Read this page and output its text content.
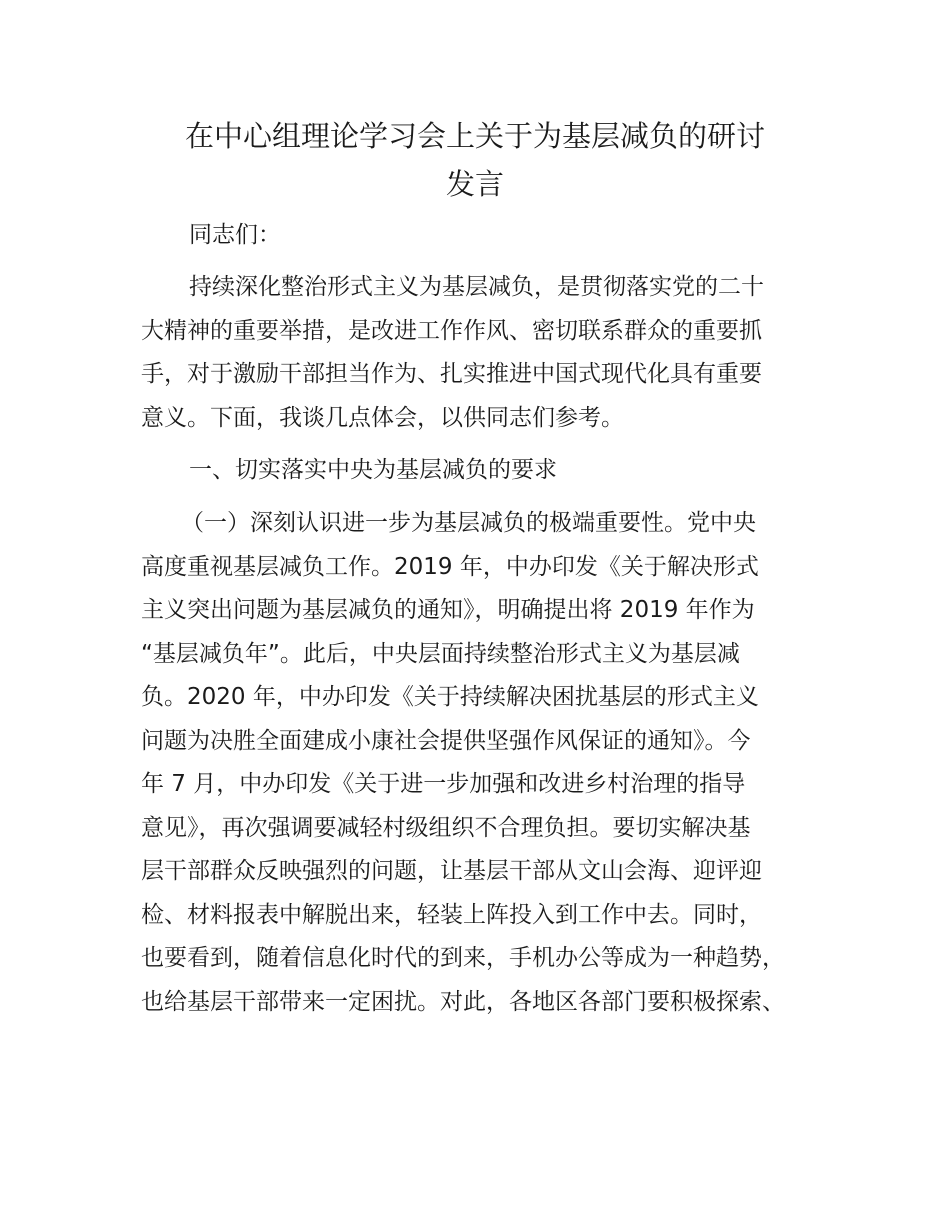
在中心组理论学习会上关于为基层减负的研讨
发言

同志们：

持续深化整治形式主义为基层减负，是贯彻落实党的二十

大精神的重要举措，是改进工作作风、密切联系群众的重要抓

手，对于激励干部担当作为、扎实推进中国式现代化具有重要

意义。下面，我谈几点体会，以供同志们参考。

一、切实落实中央为基层减负的要求

（一）深刻认识进一步为基层减负的极端重要性。党中央

高度重视基层减负工作。2019 年，中办印发《关于解决形式

主义突出问题为基层减负的通知》，明确提出将 2019 年作为

“基层减负年”。此后，中央层面持续整治形式主义为基层减

负。2020 年，中办印发《关于持续解决困扰基层的形式主义

问题为决胜全面建成小康社会提供坚强作风保证的通知》。今

年 7 月，中办印发《关于进一步加强和改进乡村治理的指导

意见》，再次强调要减轻村级组织不合理负担。要切实解决基

层干部群众反映强烈的问题，让基层干部从文山会海、迎评迎

检、材料报表中解脱出来，轻装上阵投入到工作中去。同时，

也要看到，随着信息化时代的到来，手机办公等成为一种趋势，

也给基层干部带来一定困扰。对此，各地区各部门要积极探索、
